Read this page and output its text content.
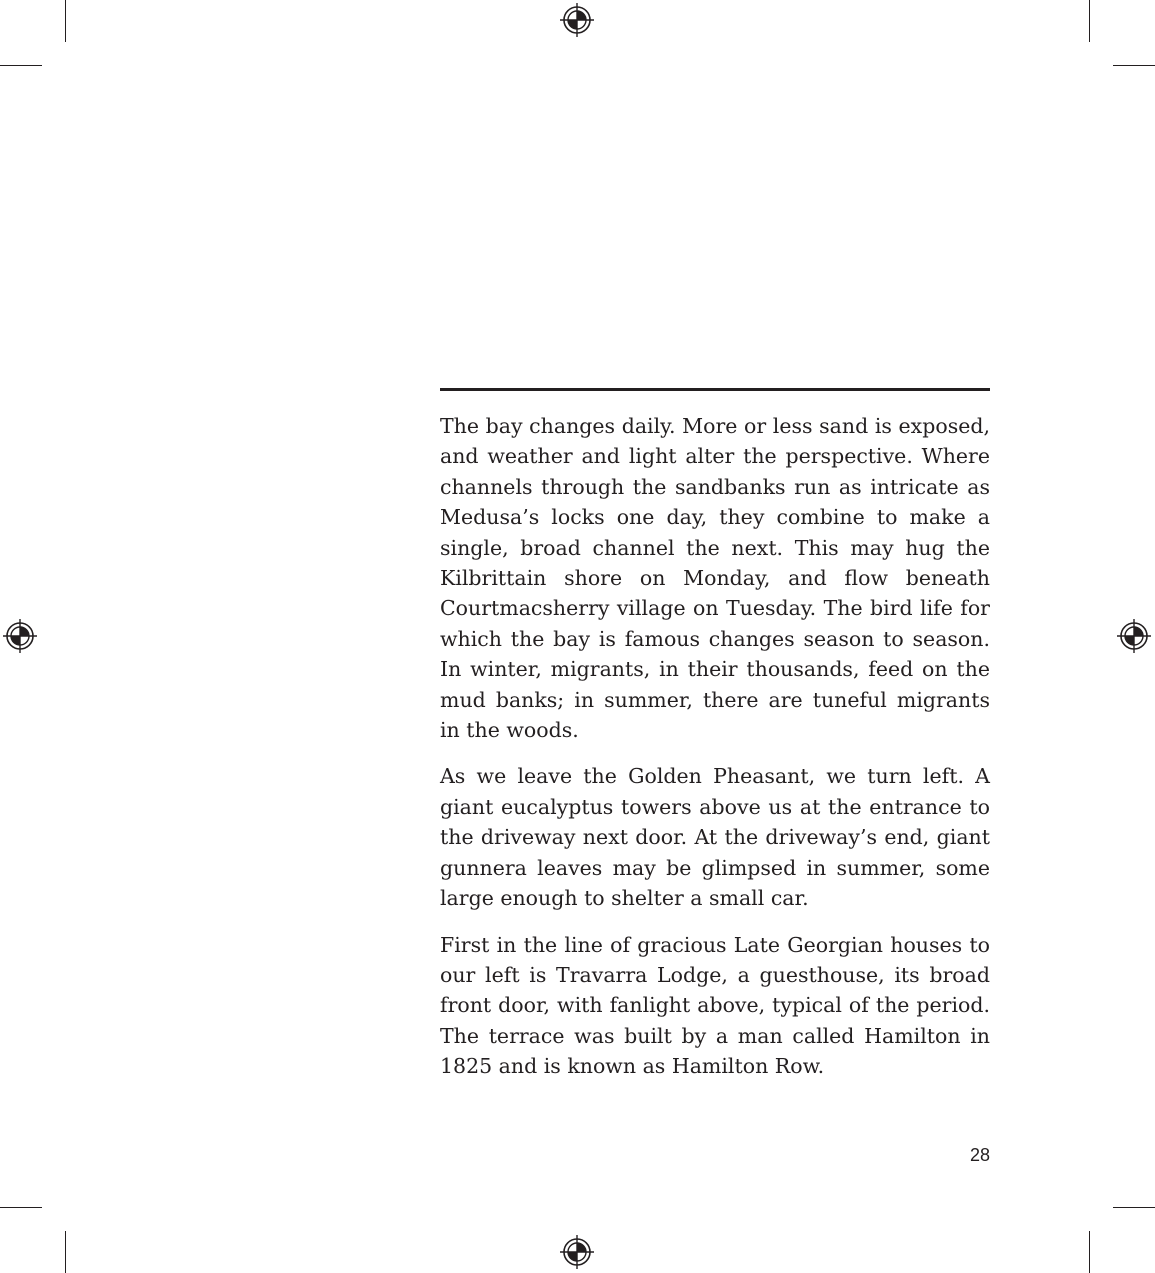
The bay changes daily. More or less sand is exposed, and weather and light alter the perspective. Where channels through the sandbanks run as intricate as Medusa’s locks one day, they combine to make a single, broad channel the next. This may hug the Kilbrittain shore on Monday, and flow beneath Courtmacsherry village on Tuesday. The bird life for which the bay is famous changes season to season. In winter, migrants, in their thousands, feed on the mud banks; in summer, there are tuneful migrants in the woods.

As we leave the Golden Pheasant, we turn left. A giant eucalyptus towers above us at the entrance to the driveway next door. At the driveway’s end, giant gunnera leaves may be glimpsed in summer, some large enough to shelter a small car.

First in the line of gracious Late Georgian houses to our left is Travarra Lodge, a guesthouse, its broad front door, with fanlight above, typical of the period. The terrace was built by a man called Hamilton in 1825 and is known as Hamilton Row.

28
